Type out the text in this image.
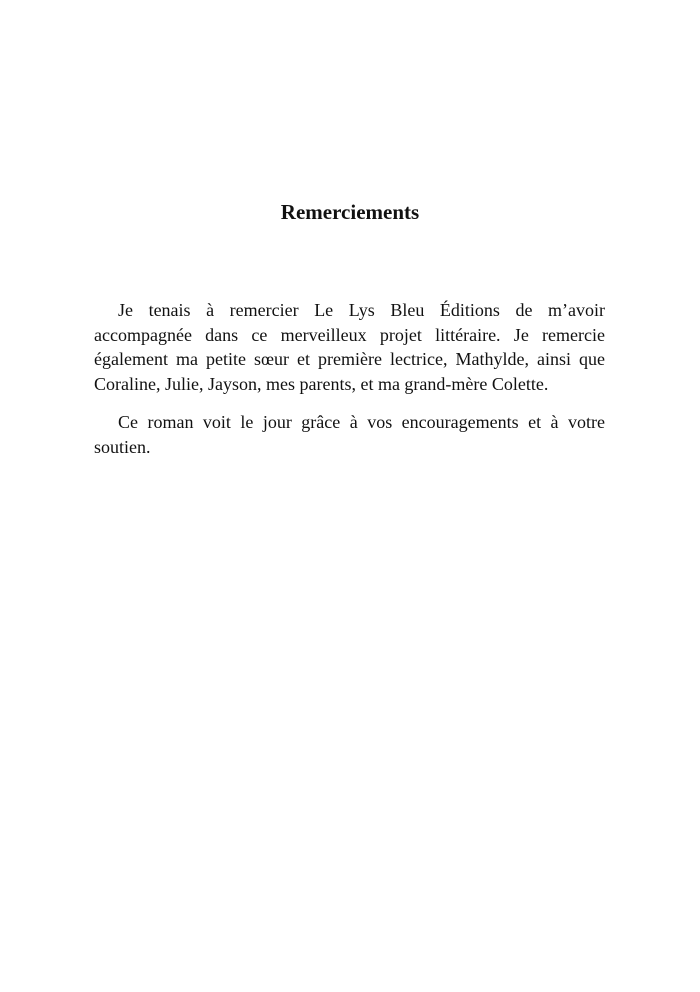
Remerciements

Je tenais à remercier Le Lys Bleu Éditions de m’avoir accompagnée dans ce merveilleux projet littéraire. Je remercie également ma petite sœur et première lectrice, Mathylde, ainsi que Coraline, Julie, Jayson, mes parents, et ma grand-mère Colette.

Ce roman voit le jour grâce à vos encouragements et à votre soutien.
